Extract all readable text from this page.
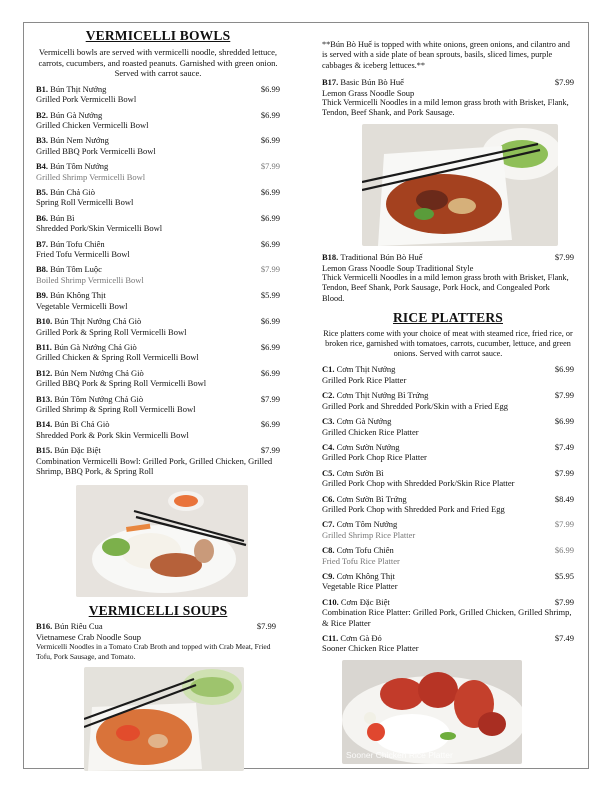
VERMICELLI BOWLS
Vermicelli bowls are served with vermicelli noodle, shredded lettuce, carrots, cucumbers, and roasted peanuts. Garnished with green onion. Served with carrot sauce.
B1. Bún Thịt Nướng	$6.99
Grilled Pork Vermicelli Bowl
B2. Bún Gà Nướng	$6.99
Grilled Chicken Vermicelli Bowl
B3. Bún Nem Nướng	$6.99
Grilled BBQ Pork Vermicelli Bowl
B4. Bún Tôm Nướng	$7.99
Grilled Shrimp Vermicelli Bowl
B5. Bún Chả Giò	$6.99
Spring Roll Vermicelli Bowl
B6. Bún Bì	$6.99
Shredded Pork/Skin Vermicelli Bowl
B7. Bún Tofu Chiên	$6.99
Fried Tofu Vermicelli Bowl
B8. Bún Tôm Luộc	$7.99
Boiled Shrimp Vermicelli Bowl
B9. Bún Không Thịt	$5.99
Vegetable Vermicelli Bowl
B10. Bún Thịt Nướng Chả Giò	$6.99
Grilled Pork & Spring Roll Vermicelli Bowl
B11. Bún Gà Nướng Chả Giò	$6.99
Grilled Chicken & Spring Roll Vermicelli Bowl
B12. Bún Nem Nướng Chả Giò	$6.99
Grilled BBQ Pork & Spring Roll Vermicelli Bowl
B13. Bún Tôm Nướng Chả Giò	$7.99
Grilled Shrimp & Spring Roll Vermicelli Bowl
B14. Bún Bì Chả Giò	$6.99
Shredded Pork & Pork Skin Vermicelli Bowl
B15. Bún Đặc Biệt	$7.99
Combination Vermicelli Bowl: Grilled Pork, Grilled Chicken, Grilled Shrimp, BBQ Pork, & Spring Roll
VERMICELLI SOUPS
B16. Bún Riêu Cua	$7.99
Vietnamese Crab Noodle Soup
Vermicelli Noodles in a Tomato Crab Broth and topped with Crab Meat, Fried Tofu, Pork Sausage, and Tomato.
**Bún Bò Huế is topped with white onions, green onions, and cilantro and is served with a side plate of bean sprouts, basils, sliced limes, purple cabbages & iceberg lettuces.**
B17. Basic Bún Bò Huế	$7.99
Lemon Grass Noodle Soup
Thick Vermicelli Noodles in a mild lemon grass broth with Brisket, Flank, Tendon, Beef Shank, and Pork Sausage.
B18. Traditional Bún Bò Huế	$7.99
Lemon Grass Noodle Soup Traditional Style
Thick Vermicelli Noodles in a mild lemon grass broth with Brisket, Flank, Tendon, Beef Shank, Pork Sausage, Pork Hock, and Congealed Pork Blood.
RICE PLATTERS
Rice platters come with your choice of meat with steamed rice, fried rice, or broken rice, garnished with tomatoes, carrots, cucumber, lettuce, and green onions. Served with carrot sauce.
C1. Cơm Thịt Nướng	$6.99
Grilled Pork Rice Platter
C2. Cơm Thịt Nướng Bì Trứng	$7.99
Grilled Pork and Shredded Pork/Skin with a Fried Egg
C3. Cơm Gà Nướng	$6.99
Grilled Chicken Rice Platter
C4. Cơm Sườn Nướng	$7.49
Grilled Pork Chop Rice Platter
C5. Cơm Sườn Bì	$7.99
Grilled Pork Chop with Shredded Pork/Skin Rice Platter
C6. Cơm Sườn Bì Trứng	$8.49
Grilled Pork Chop with Shredded Pork and Fried Egg
C7. Cơm Tôm Nướng	$7.99
Grilled Shrimp Rice Platter
C8. Cơm Tofu Chiên	$6.99
Fried Tofu Rice Platter
C9. Cơm Không Thịt	$5.95
Vegetable Rice Platter
C10. Cơm Đặc Biệt	$7.99
Combination Rice Platter: Grilled Pork, Grilled Chicken, Grilled Shrimp, & Rice Platter
C11. Cơm Gà Đỏ	$7.49
Sooner Chicken Rice Platter
Sooner Chicken Rice Platter
